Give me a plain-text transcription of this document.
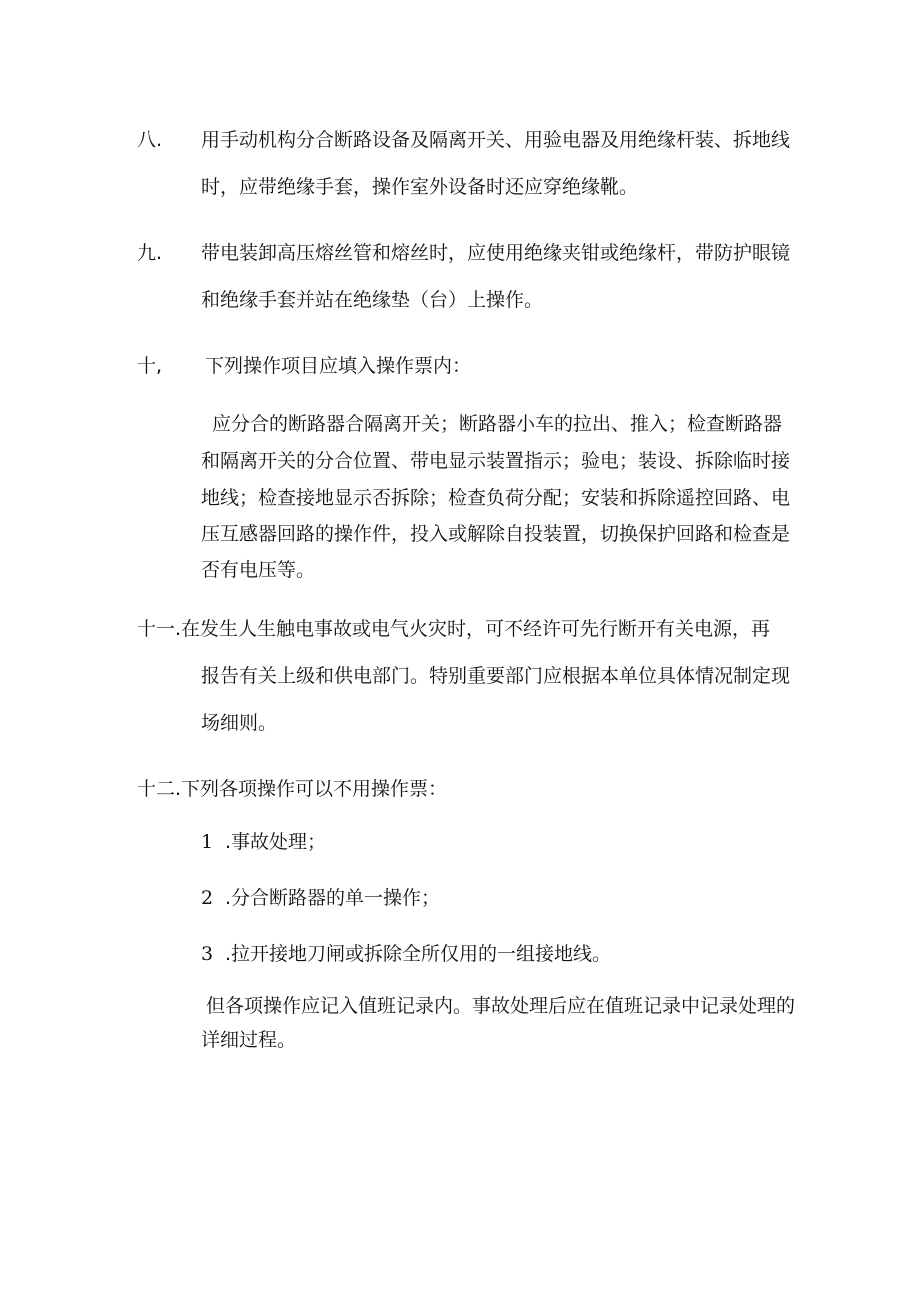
八. 用手动机构分合断路设备及隔离开关、用验电器及用绝缘杆装、拆地线
时，应带绝缘手套，操作室外设备时还应穿绝缘靴。
九. 带电装卸高压熔丝管和熔丝时，应使用绝缘夹钳或绝缘杆，带防护眼镜
和绝缘手套并站在绝缘垫（台）上操作。
十, 下列操作项目应填入操作票内：
应分合的断路器合隔离开关；断路器小车的拉出、推入；检查断路器
和隔离开关的分合位置、带电显示装置指示；验电；装设、拆除临时接
地线；检查接地显示否拆除；检查负荷分配；安装和拆除遥控回路、电
压互感器回路的操作件，投入或解除自投装置，切换保护回路和检查是
否有电压等。
十一.在发生人生触电事故或电气火灾时，可不经许可先行断开有关电源，再
报告有关上级和供电部门。特别重要部门应根据本单位具体情况制定现
场细则。
十二.下列各项操作可以不用操作票：
1 .事故处理；
2 .分合断路器的单一操作；
3 .拉开接地刀闸或拆除全所仅用的一组接地线。
但各项操作应记入值班记录内。事故处理后应在值班记录中记录处理的
详细过程。
